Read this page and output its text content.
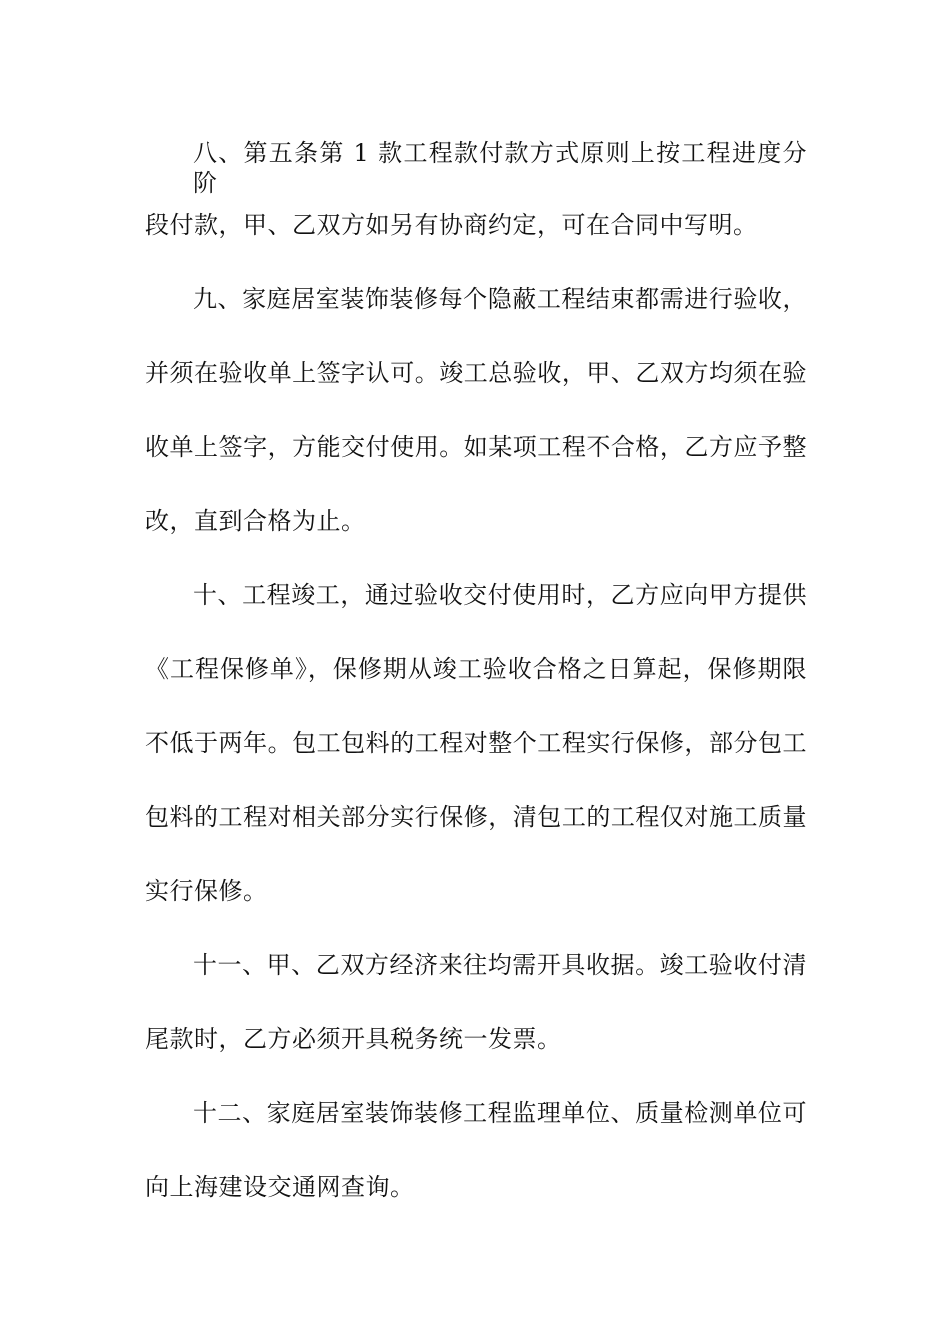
八、第五条第 1 款工程款付款方式原则上按工程进度分阶
段付款，甲、乙双方如另有协商约定，可在合同中写明。
九、家庭居室装饰装修每个隐蔽工程结束都需进行验收，
并须在验收单上签字认可。竣工总验收，甲、乙双方均须在验
收单上签字，方能交付使用。如某项工程不合格，乙方应予整
改，直到合格为止。
十、工程竣工，通过验收交付使用时，乙方应向甲方提供
《工程保修单》，保修期从竣工验收合格之日算起，保修期限
不低于两年。包工包料的工程对整个工程实行保修，部分包工
包料的工程对相关部分实行保修，清包工的工程仅对施工质量
实行保修。
十一、甲、乙双方经济来往均需开具收据。竣工验收付清
尾款时，乙方必须开具税务统一发票。
十二、家庭居室装饰装修工程监理单位、质量检测单位可
向上海建设交通网查询。
